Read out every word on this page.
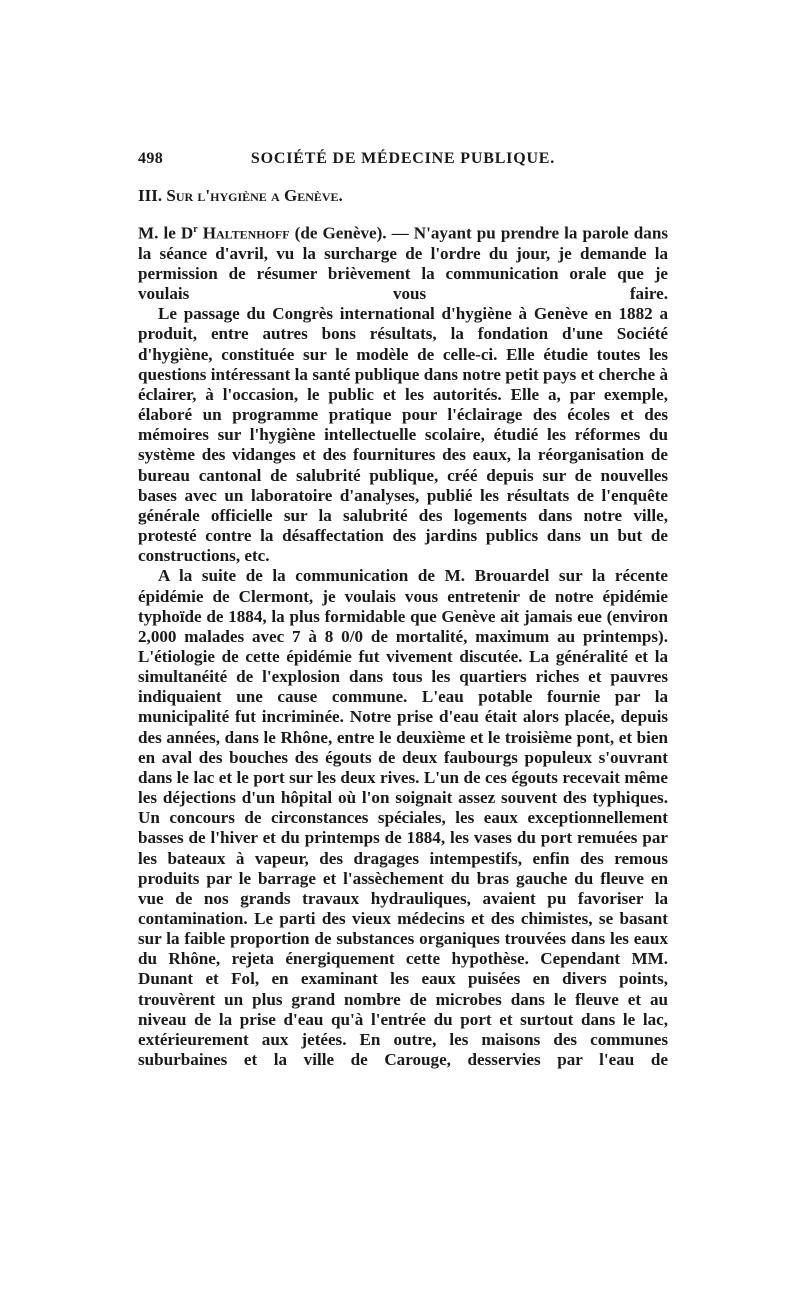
498	SOCIÉTÉ DE MÉDECINE PUBLIQUE.
III. Sur l'hygiène a Genève.

M. le $D^r$ Haltenhoff (de Genève). — N'ayant pu prendre la parole dans la séance d'avril, vu la surcharge de l'ordre du jour, je demande la permission de résumer brièvement la communication orale que je voulais vous faire.

Le passage du Congrès international d'hygiène à Genève en 1882 a produit, entre autres bons résultats, la fondation d'une Société d'hygiène, constituée sur le modèle de celle-ci. Elle étudie toutes les questions intéressant la santé publique dans notre petit pays et cherche à éclairer, à l'occasion, le public et les autorités. Elle a, par exemple, élaboré un programme pratique pour l'éclairage des écoles et des mémoires sur l'hygiène intellectuelle scolaire, étudié les réformes du système des vidanges et des fournitures des eaux, la réorganisation de bureau cantonal de salubrité publique, créé depuis sur de nouvelles bases avec un laboratoire d'analyses, publié les résultats de l'enquête générale officielle sur la salubrité des logements dans notre ville, protesté contre la désaffectation des jardins publics dans un but de constructions, etc.

A la suite de la communication de M. Brouardel sur la récente épidémie de Clermont, je voulais vous entretenir de notre épidémie typhoïde de 1884, la plus formidable que Genève ait jamais eue (environ 2,000 malades avec 7 à 8 0/0 de mortalité, maximum au printemps). L'étiologie de cette épidémie fut vivement discutée. La généralité et la simultanéité de l'explosion dans tous les quartiers riches et pauvres indiquaient une cause commune. L'eau potable fournie par la municipalité fut incriminée. Notre prise d'eau était alors placée, depuis des années, dans le Rhône, entre le deuxième et le troisième pont, et bien en aval des bouches des égouts de deux faubourgs populeux s'ouvrant dans le lac et le port sur les deux rives. L'un de ces égouts recevait même les déjections d'un hôpital où l'on soignait assez souvent des typhiques. Un concours de circonstances spéciales, les eaux exceptionnellement basses de l'hiver et du printemps de 1884, les vases du port remuées par les bateaux à vapeur, des dragages intempestifs, enfin des remous produits par le barrage et l'assèchement du bras gauche du fleuve en vue de nos grands travaux hydrauliques, avaient pu favoriser la contamination. Le parti des vieux médecins et des chimistes, se basant sur la faible proportion de substances organiques trouvées dans les eaux du Rhône, rejeta énergiquement cette hypothèse. Cependant MM. Dunant et Fol, en examinant les eaux puisées en divers points, trouvèrent un plus grand nombre de microbes dans le fleuve et au niveau de la prise d'eau qu'à l'entrée du port et surtout dans le lac, extérieurement aux jetées. En outre, les maisons des communes suburbaines et la ville de Carouge, desservies par l'eau de
